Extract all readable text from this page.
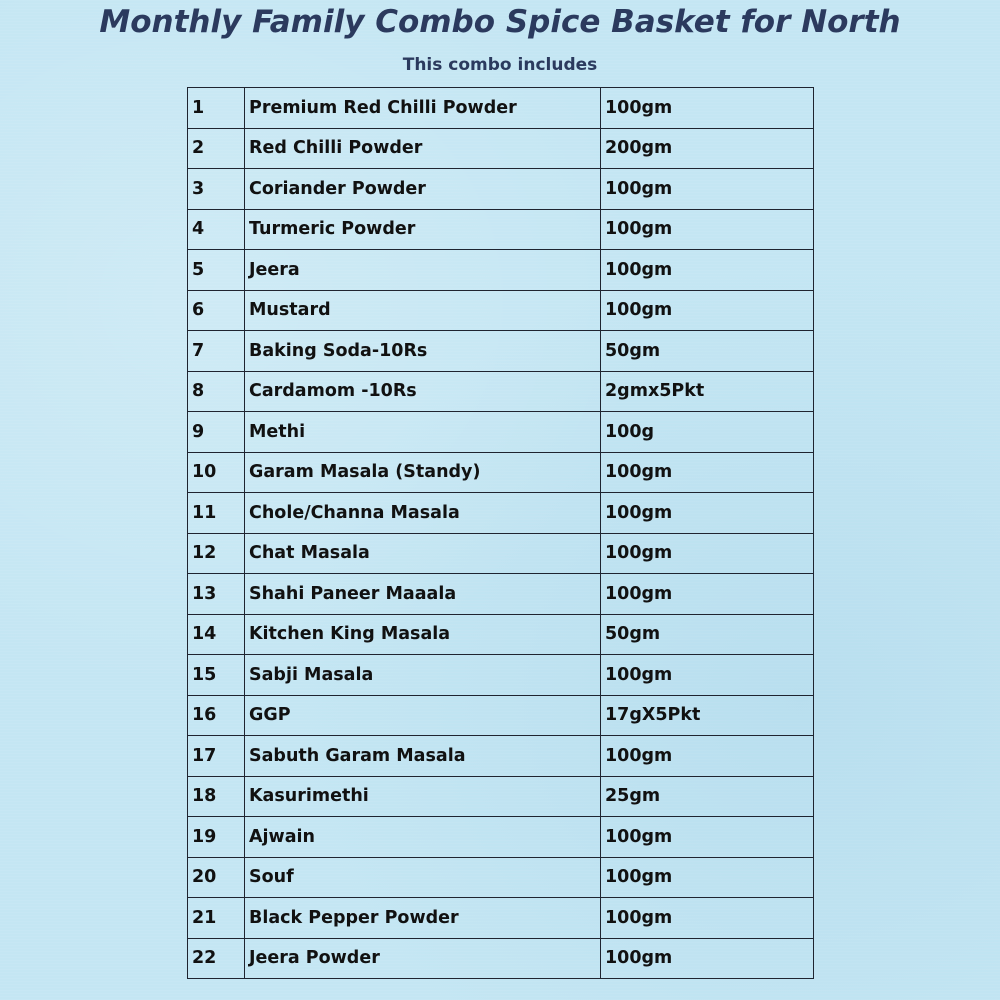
Monthly Family Combo Spice Basket for North
This combo includes
1	Premium Red Chilli Powder	100gm
2	Red Chilli Powder	200gm
3	Coriander Powder	100gm
4	Turmeric Powder	100gm
5	Jeera	100gm
6	Mustard	100gm
7	Baking Soda-10Rs	50gm
8	Cardamom -10Rs	2gmx5Pkt
9	Methi	100g
10	Garam Masala (Standy)	100gm
11	Chole/Channa Masala	100gm
12	Chat Masala	100gm
13	Shahi Paneer Maaala	100gm
14	Kitchen King Masala	50gm
15	Sabji Masala	100gm
16	GGP	17gX5Pkt
17	Sabuth Garam Masala	100gm
18	Kasurimethi	25gm
19	Ajwain	100gm
20	Souf	100gm
21	Black Pepper Powder	100gm
22	Jeera Powder	100gm
